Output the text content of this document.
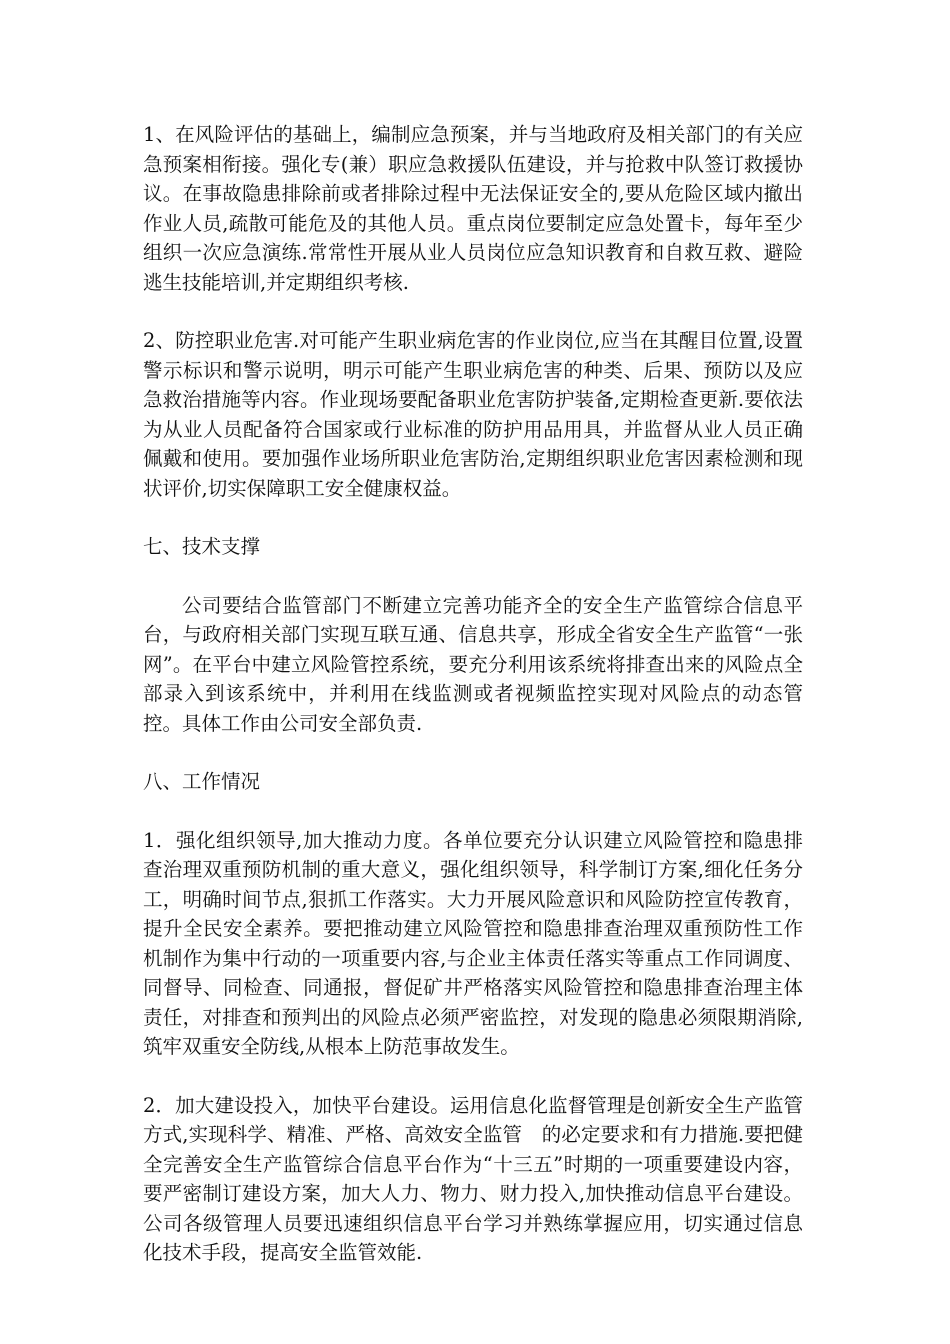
1、在风险评估的基础上，编制应急预案，并与当地政府及相关部门的有关应急预案相衔接。强化专(兼）职应急救援队伍建设，并与抢救中队签订救援协议。在事故隐患排除前或者排除过程中无法保证安全的,要从危险区域内撤出作业人员,疏散可能危及的其他人员。重点岗位要制定应急处置卡，每年至少组织一次应急演练.常常性开展从业人员岗位应急知识教育和自救互救、避险逃生技能培训,并定期组织考核.

2、防控职业危害.对可能产生职业病危害的作业岗位,应当在其醒目位置,设置警示标识和警示说明，明示可能产生职业病危害的种类、后果、预防以及应急救治措施等内容。作业现场要配备职业危害防护装备,定期检查更新.要依法为从业人员配备符合国家或行业标准的防护用品用具，并监督从业人员正确佩戴和使用。要加强作业场所职业危害防治,定期组织职业危害因素检测和现状评价,切实保障职工安全健康权益。

七、技术支撑

公司要结合监管部门不断建立完善功能齐全的安全生产监管综合信息平台，与政府相关部门实现互联互通、信息共享，形成全省安全生产监管“一张网”。在平台中建立风险管控系统，要充分利用该系统将排查出来的风险点全部录入到该系统中，并利用在线监测或者视频监控实现对风险点的动态管控。具体工作由公司安全部负责.

八、工作情况

1．强化组织领导,加大推动力度。各单位要充分认识建立风险管控和隐患排查治理双重预防机制的重大意义，强化组织领导，科学制订方案,细化任务分工，明确时间节点,狠抓工作落实。大力开展风险意识和风险防控宣传教育，提升全民安全素养。要把推动建立风险管控和隐患排查治理双重预防性工作机制作为集中行动的一项重要内容,与企业主体责任落实等重点工作同调度、同督导、同检查、同通报，督促矿井严格落实风险管控和隐患排查治理主体责任，对排查和预判出的风险点必须严密监控，对发现的隐患必须限期消除,筑牢双重安全防线,从根本上防范事故发生。

2．加大建设投入，加快平台建设。运用信息化监督管理是创新安全生产监管方式,实现科学、精准、严格、高效安全监管　的必定要求和有力措施.要把健全完善安全生产监管综合信息平台作为“十三五”时期的一项重要建设内容，要严密制订建设方案，加大人力、物力、财力投入,加快推动信息平台建设。公司各级管理人员要迅速组织信息平台学习并熟练掌握应用，切实通过信息化技术手段，提高安全监管效能.
